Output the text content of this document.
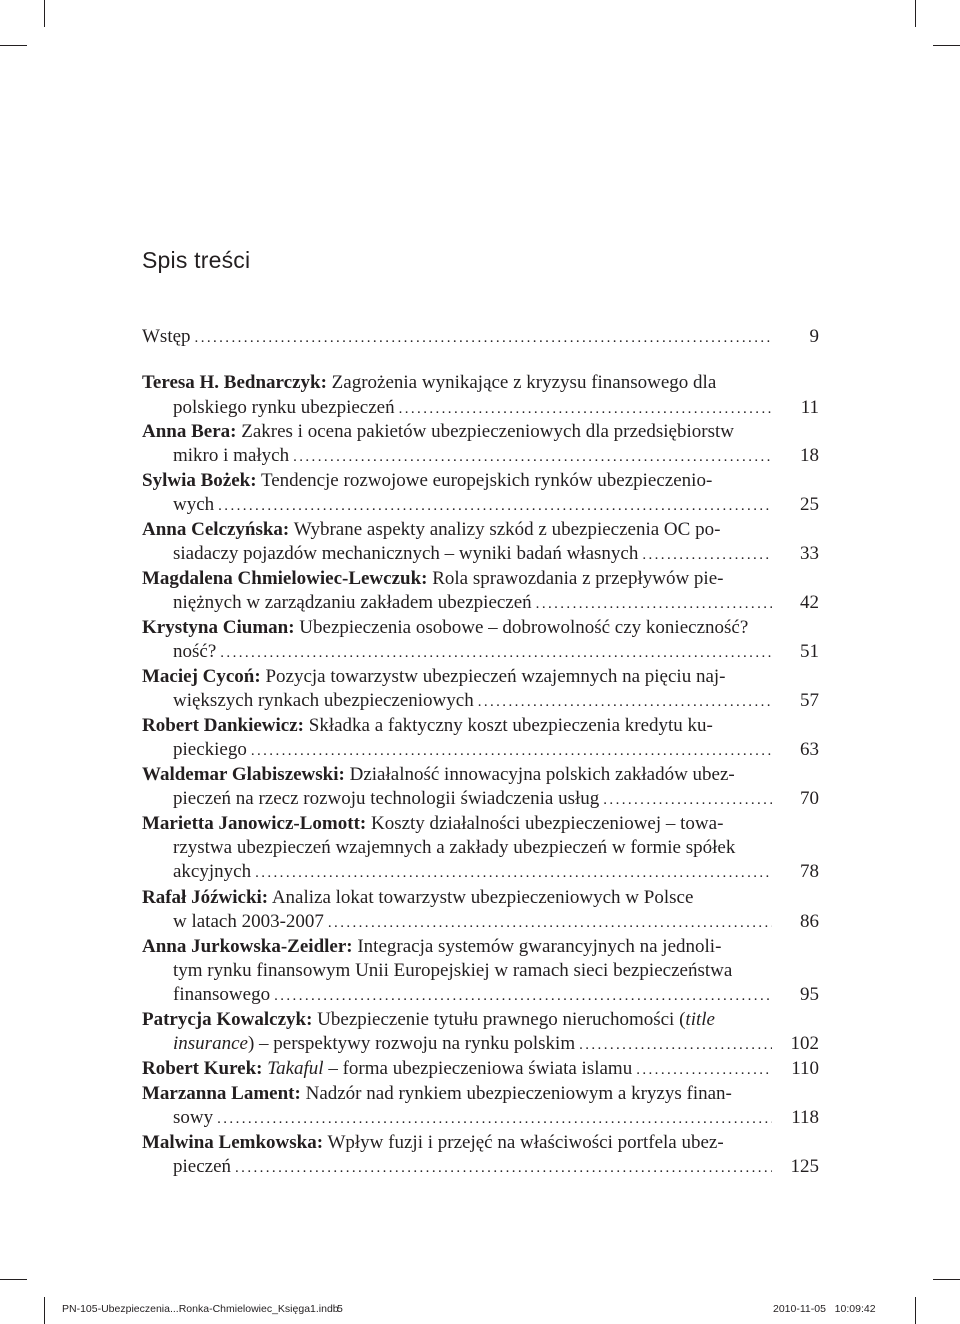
Spis treści
Wstęp .....	9
Teresa H. Bednarczyk: Zagrożenia wynikające z kryzysu finansowego dla
polskiego rynku ubezpieczeń .....	11
Anna Bera: Zakres i ocena pakietów ubezpieczeniowych dla przedsiębiorstw
mikro i małych .....	18
Sylwia Bożek: Tendencje rozwojowe europejskich rynków ubezpieczenio-
wych .....	25
Anna Celczyńska: Wybrane aspekty analizy szkód z ubezpieczenia OC po-
siadaczy pojazdów mechanicznych – wyniki badań własnych .....	33
Magdalena Chmielowiec-Lewczuk: Rola sprawozdania z przepływów pie-
niężnych w zarządzaniu zakładem ubezpieczeń .....	42
Krystyna Ciuman: Ubezpieczenia osobowe – dobrowolność czy konieczność?
ność? .....	51
Maciej Cycoń: Pozycja towarzystw ubezpieczeń wzajemnych na pięciu naj-
większych rynkach ubezpieczeniowych .....	57
Robert Dankiewicz: Składka a faktyczny koszt ubezpieczenia kredytu ku-
pieckiego .....	63
Waldemar Glabiszewski: Działalność innowacyjna polskich zakładów ubez-
pieczeń na rzecz rozwoju technologii świadczenia usług .....	70
Marietta Janowicz-Lomott: Koszty działalności ubezpieczeniowej – towa-
rzystwa ubezpieczeń wzajemnych a zakłady ubezpieczeń w formie spółek
akcyjnych .....	78
Rafał Jóźwicki: Analiza lokat towarzystw ubezpieczeniowych w Polsce
w latach 2003-2007 .....	86
Anna Jurkowska-Zeidler: Integracja systemów gwarancyjnych na jednoli-
tym rynku finansowym Unii Europejskiej w ramach sieci bezpieczeństwa
finansowego .....	95
Patrycja Kowalczyk: Ubezpieczenie tytułu prawnego nieruchomości (title
insurance) – perspektywy rozwoju na rynku polskim .....	102
Robert Kurek: Takaful – forma ubezpieczeniowa świata islamu .....	110
Marzanna Lament: Nadzór nad rynkiem ubezpieczeniowym a kryzys finan-
sowy .....	118
Malwina Lemkowska: Wpływ fuzji i przejęć na właściwości portfela ubez-
pieczeń .....	125
PN-105-Ubezpieczenia...Ronka-Chmielowiec_Księga1.indb
5	2010-11-05   10:09:42
